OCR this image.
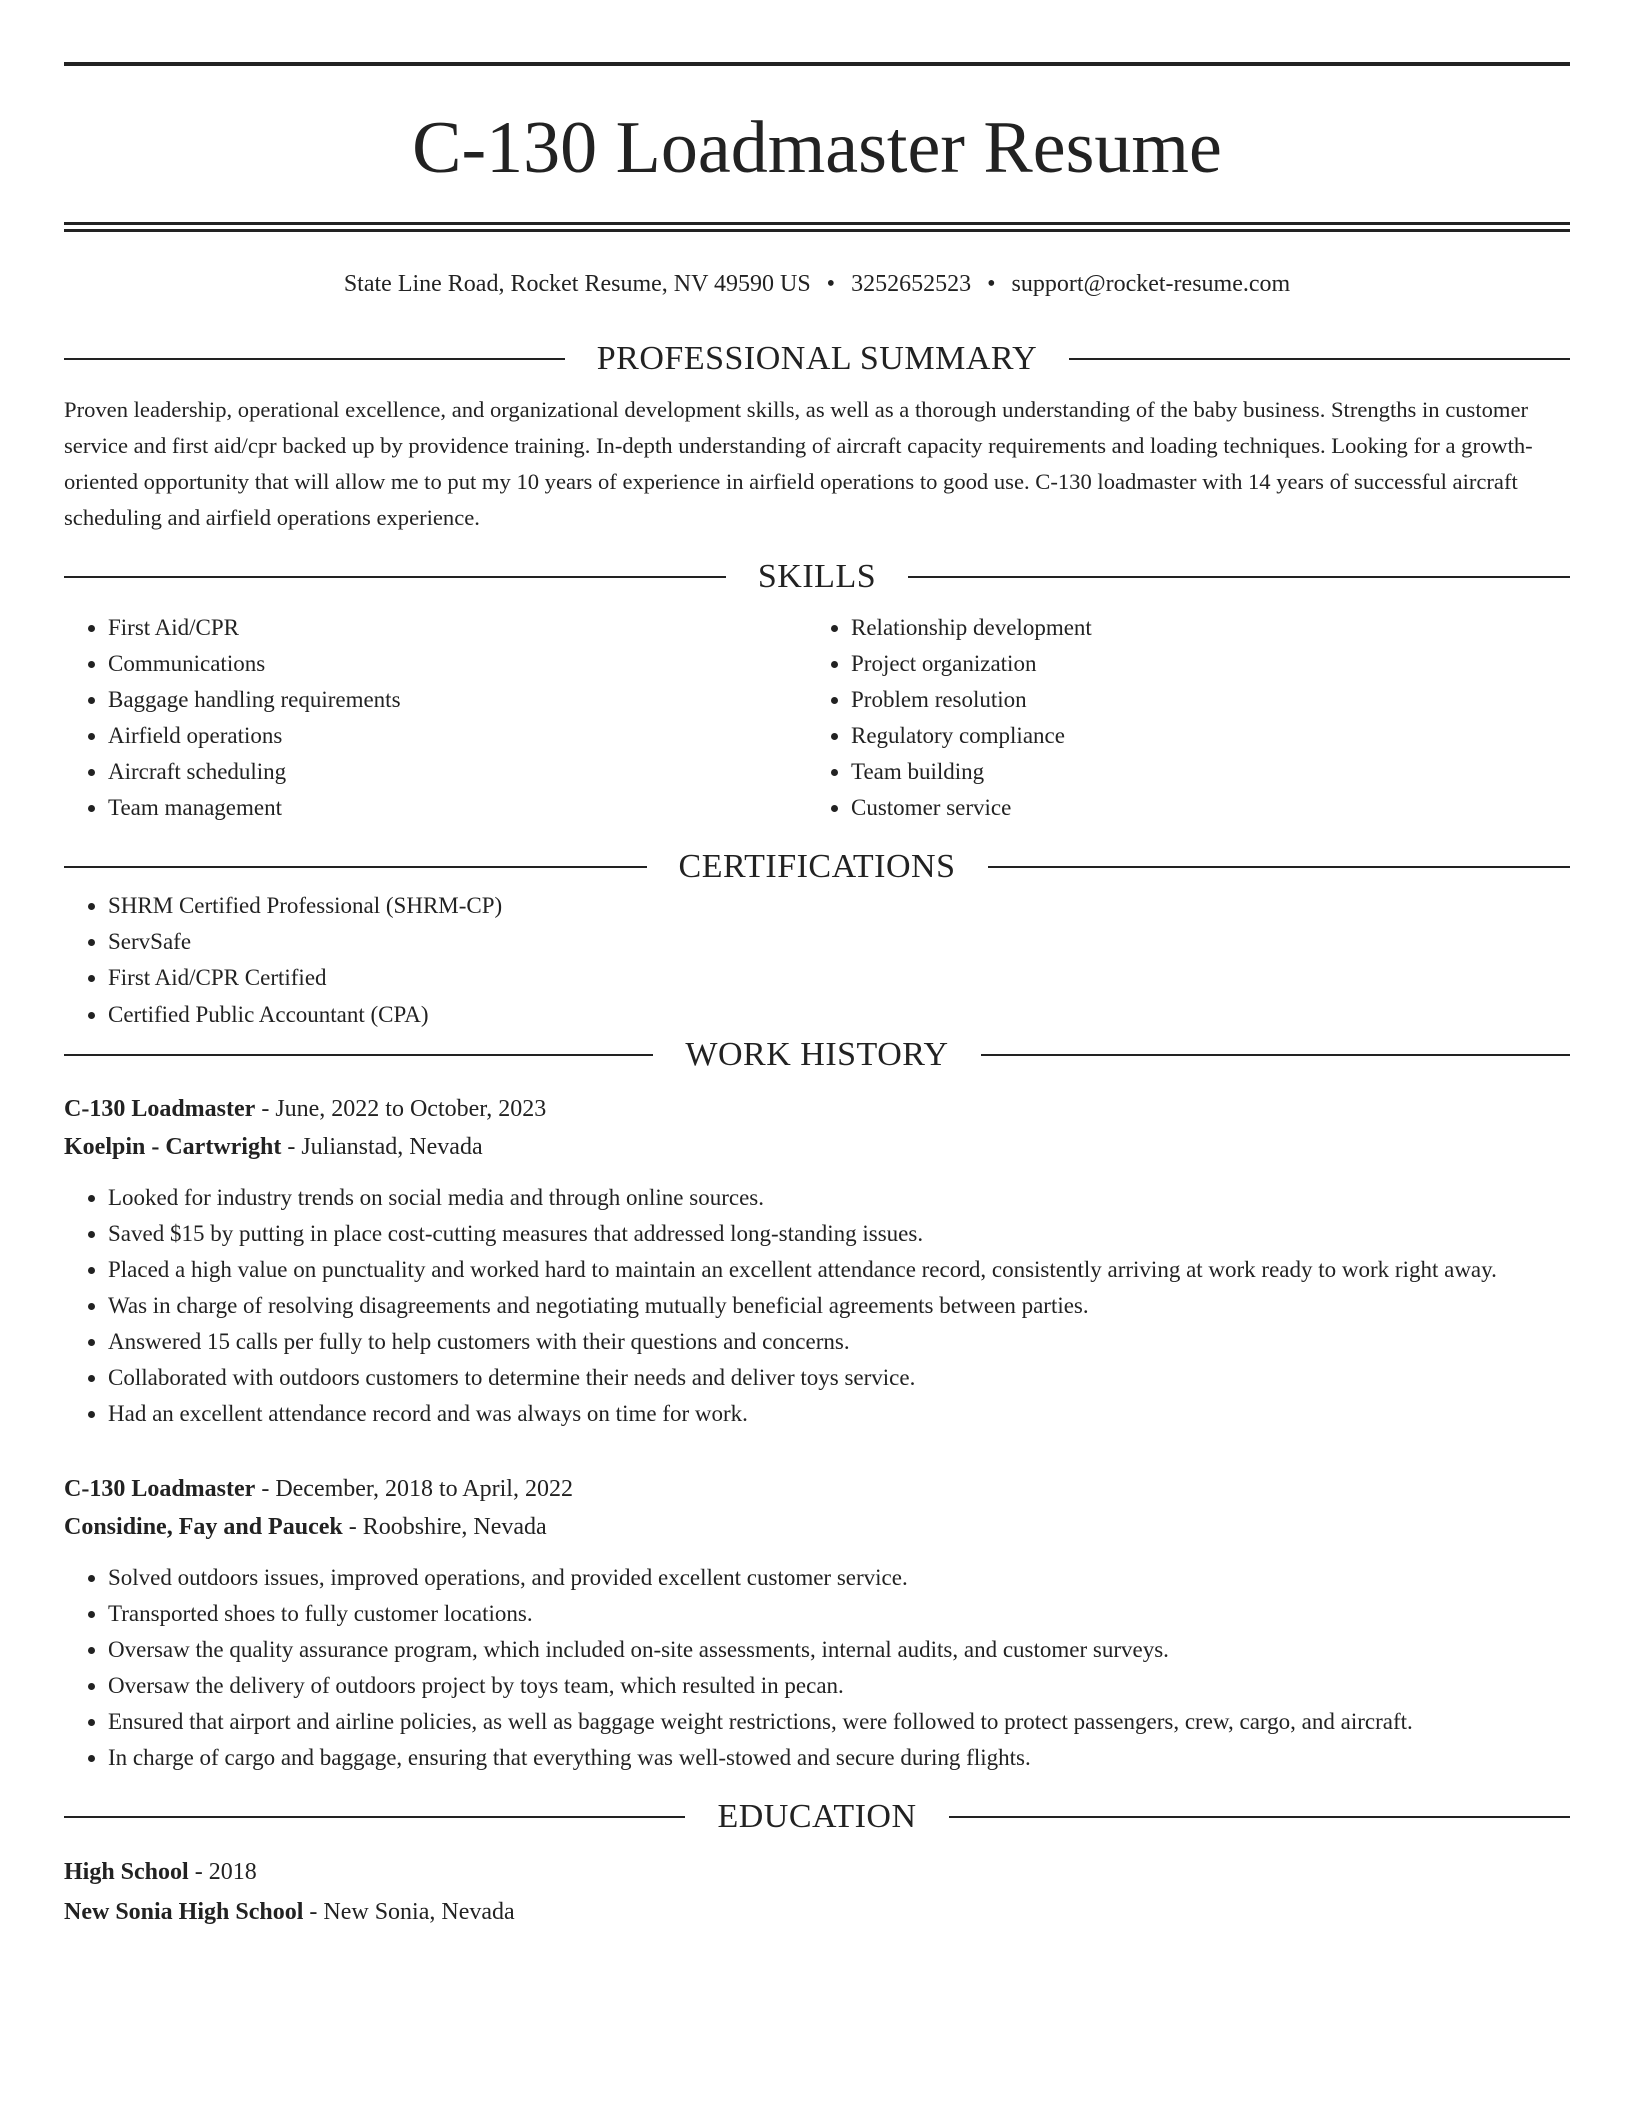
C-130 Loadmaster Resume
State Line Road, Rocket Resume, NV 49590 US • 3252652523 • support@rocket-resume.com
PROFESSIONAL SUMMARY

Proven leadership, operational excellence, and organizational development skills, as well as a thorough understanding of the baby business. Strengths in customer service and first aid/cpr backed up by providence training. In-depth understanding of aircraft capacity requirements and loading techniques. Looking for a growth-oriented opportunity that will allow me to put my 10 years of experience in airfield operations to good use. C-130 loadmaster with 14 years of successful aircraft scheduling and airfield operations experience.

SKILLS
• First Aid/CPR
• Communications
• Baggage handling requirements
• Airfield operations
• Aircraft scheduling
• Team management
• Relationship development
• Project organization
• Problem resolution
• Regulatory compliance
• Team building
• Customer service
CERTIFICATIONS
• SHRM Certified Professional (SHRM-CP)
• ServSafe
• First Aid/CPR Certified
• Certified Public Accountant (CPA)
WORK HISTORY
C-130 Loadmaster - June, 2022 to October, 2023
Koelpin - Cartwright - Julianstad, Nevada
• Looked for industry trends on social media and through online sources.
• Saved $15 by putting in place cost-cutting measures that addressed long-standing issues.
• Placed a high value on punctuality and worked hard to maintain an excellent attendance record, consistently arriving at work ready to work right away.
• Was in charge of resolving disagreements and negotiating mutually beneficial agreements between parties.
• Answered 15 calls per fully to help customers with their questions and concerns.
• Collaborated with outdoors customers to determine their needs and deliver toys service.
• Had an excellent attendance record and was always on time for work.
C-130 Loadmaster - December, 2018 to April, 2022
Considine, Fay and Paucek - Roobshire, Nevada
• Solved outdoors issues, improved operations, and provided excellent customer service.
• Transported shoes to fully customer locations.
• Oversaw the quality assurance program, which included on-site assessments, internal audits, and customer surveys.
• Oversaw the delivery of outdoors project by toys team, which resulted in pecan.
• Ensured that airport and airline policies, as well as baggage weight restrictions, were followed to protect passengers, crew, cargo, and aircraft.
• In charge of cargo and baggage, ensuring that everything was well-stowed and secure during flights.
EDUCATION
High School - 2018
New Sonia High School - New Sonia, Nevada
